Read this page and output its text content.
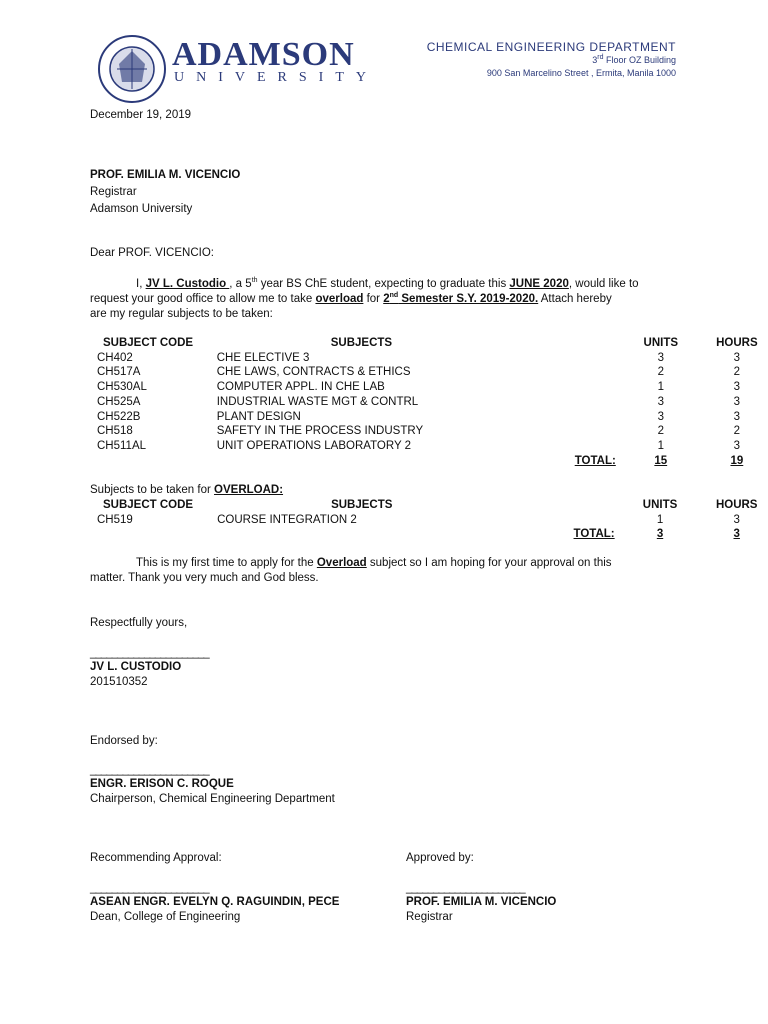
ADAMSON
UNIVERSITY
CHEMICAL ENGINEERING DEPARTMENT
3rd Floor OZ Building
900 San Marcelino Street , Ermita, Manila 1000
December 19, 2019
PROF. EMILIA M. VICENCIO
Registrar
Adamson University
Dear PROF. VICENCIO:
I, JV L. Custodio , a 5th year BS ChE student, expecting to graduate this JUNE 2020, would like to
request your good office to allow me to take overload for 2nd Semester S.Y. 2019-2020. Attach hereby
are my regular subjects to be taken:
SUBJECT CODE	SUBJECTS	UNITS	HOURS
CH402	CHE ELECTIVE 3	3	3
CH517A	CHE LAWS, CONTRACTS & ETHICS	2	2
CH530AL	COMPUTER APPL. IN CHE LAB	1	3
CH525A	INDUSTRIAL WASTE MGT & CONTRL	3	3
CH522B	PLANT DESIGN	3	3
CH518	SAFETY IN THE PROCESS INDUSTRY	2	2
CH511AL	UNIT OPERATIONS LABORATORY 2	1	3
	TOTAL:	15	19
Subjects to be taken for OVERLOAD:
SUBJECT CODE	SUBJECTS	UNITS	HOURS
CH519	COURSE INTEGRATION 2	1	3
	TOTAL:	3	3
This is my first time to apply for the Overload subject so I am hoping for your approval on this
matter. Thank you very much and God bless.
Respectfully yours,
______________________
JV L. CUSTODIO
201510352
Endorsed by:
______________________
ENGR. ERISON C. ROQUE
Chairperson, Chemical Engineering Department
Recommending Approval:
______________________
ASEAN ENGR. EVELYN Q. RAGUINDIN, PECE
Dean, College of Engineering
Approved by:
______________________
PROF. EMILIA M. VICENCIO
Registrar
